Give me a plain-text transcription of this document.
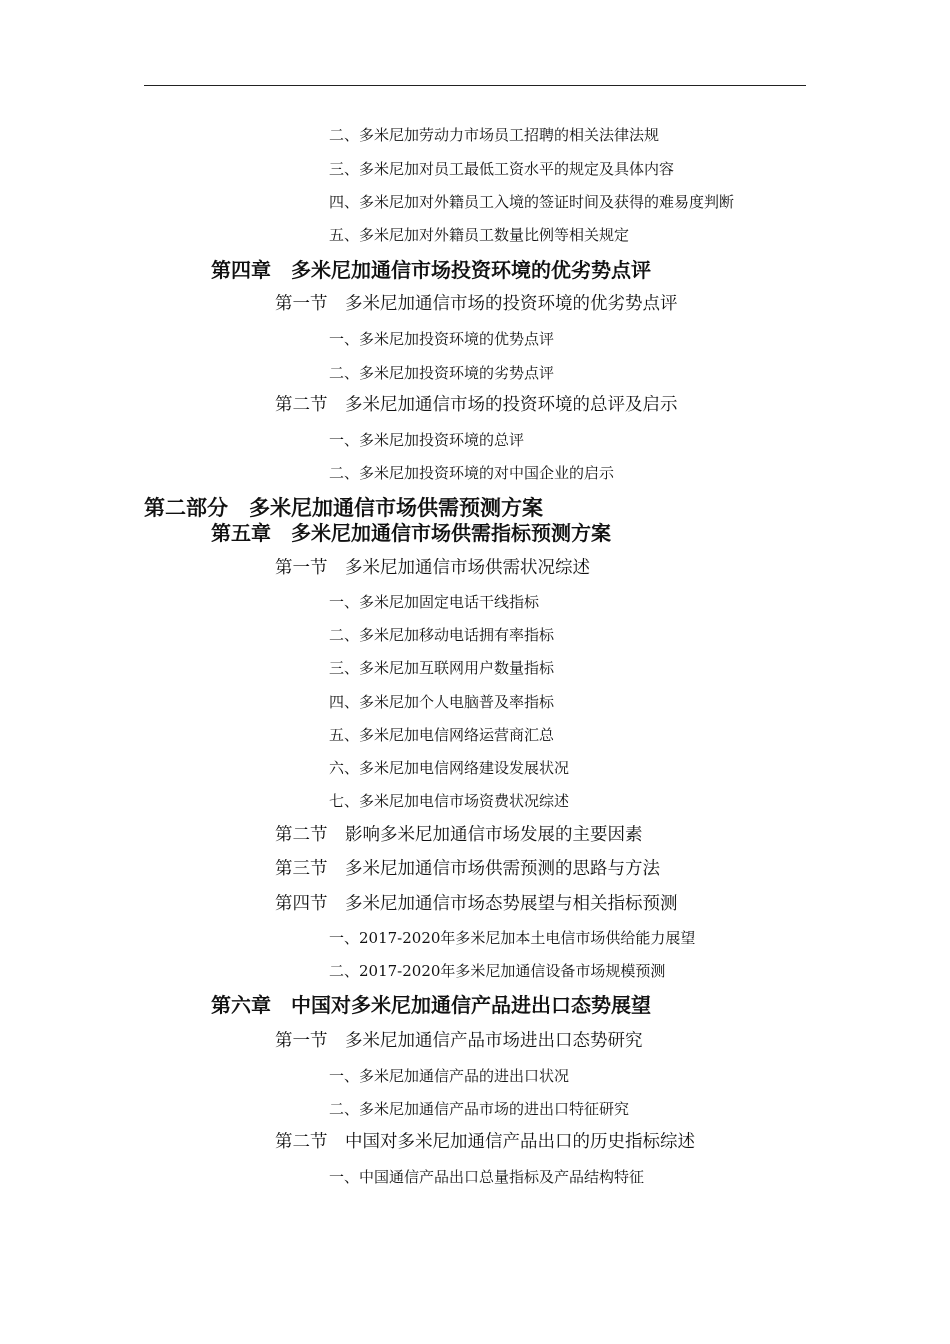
二、多米尼加劳动力市场员工招聘的相关法律法规
三、多米尼加对员工最低工资水平的规定及具体内容
四、多米尼加对外籍员工入境的签证时间及获得的难易度判断
五、多米尼加对外籍员工数量比例等相关规定
第四章　多米尼加通信市场投资环境的优劣势点评
第一节　多米尼加通信市场的投资环境的优劣势点评
一、多米尼加投资环境的优势点评
二、多米尼加投资环境的劣势点评
第二节　多米尼加通信市场的投资环境的总评及启示
一、多米尼加投资环境的总评
二、多米尼加投资环境的对中国企业的启示
第二部分　多米尼加通信市场供需预测方案
第五章　多米尼加通信市场供需指标预测方案
第一节　多米尼加通信市场供需状况综述
一、多米尼加固定电话干线指标
二、多米尼加移动电话拥有率指标
三、多米尼加互联网用户数量指标
四、多米尼加个人电脑普及率指标
五、多米尼加电信网络运营商汇总
六、多米尼加电信网络建设发展状况
七、多米尼加电信市场资费状况综述
第二节　影响多米尼加通信市场发展的主要因素
第三节　多米尼加通信市场供需预测的思路与方法
第四节　多米尼加通信市场态势展望与相关指标预测
一、2017-2020年多米尼加本土电信市场供给能力展望
二、2017-2020年多米尼加通信设备市场规模预测
第六章　中国对多米尼加通信产品进出口态势展望
第一节　多米尼加通信产品市场进出口态势研究
一、多米尼加通信产品的进出口状况
二、多米尼加通信产品市场的进出口特征研究
第二节　中国对多米尼加通信产品出口的历史指标综述
一、中国通信产品出口总量指标及产品结构特征
